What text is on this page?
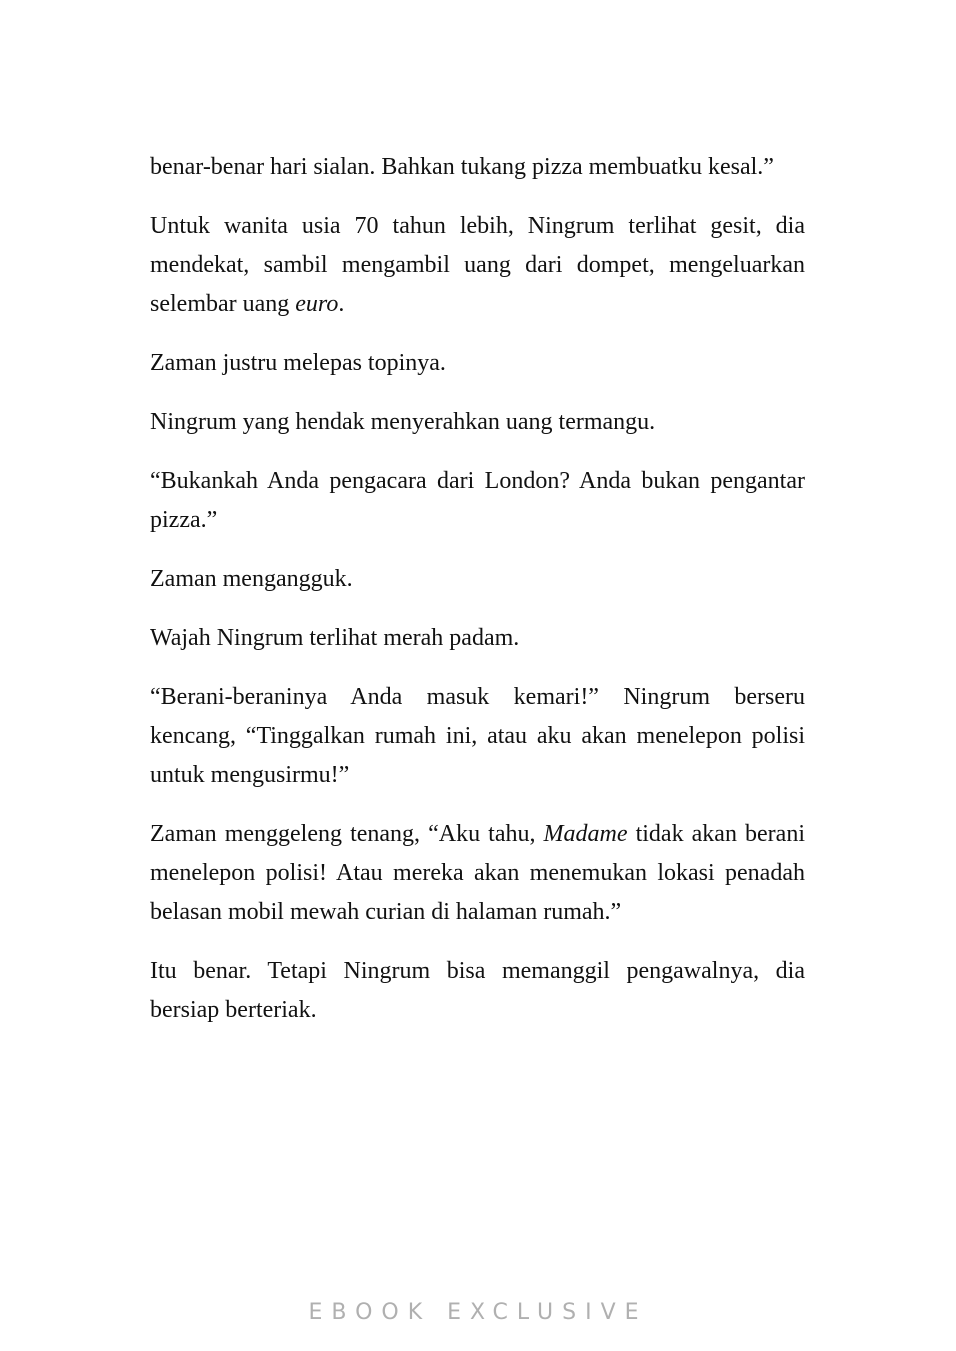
benar-benar hari sialan. Bahkan tukang pizza membuatku kesal.”

Untuk wanita usia 70 tahun lebih, Ningrum terlihat gesit, dia mendekat, sambil mengambil uang dari dompet, mengeluarkan selembar uang euro.

Zaman justru melepas topinya.

Ningrum yang hendak menyerahkan uang termangu.

“Bukankah Anda pengacara dari London? Anda bukan pengantar pizza.”

Zaman mengangguk.

Wajah Ningrum terlihat merah padam.

“Berani-beraninya Anda masuk kemari!” Ningrum berseru kencang, “Tinggalkan rumah ini, atau aku akan menelepon polisi untuk mengusirmu!”

Zaman menggeleng tenang, “Aku tahu, Madame tidak akan berani menelepon polisi! Atau mereka akan menemukan lokasi penadah belasan mobil mewah curian di halaman rumah.”

Itu benar. Tetapi Ningrum bisa memanggil pengawalnya, dia bersiap berteriak.

EBOOK EXCLUSIVE
